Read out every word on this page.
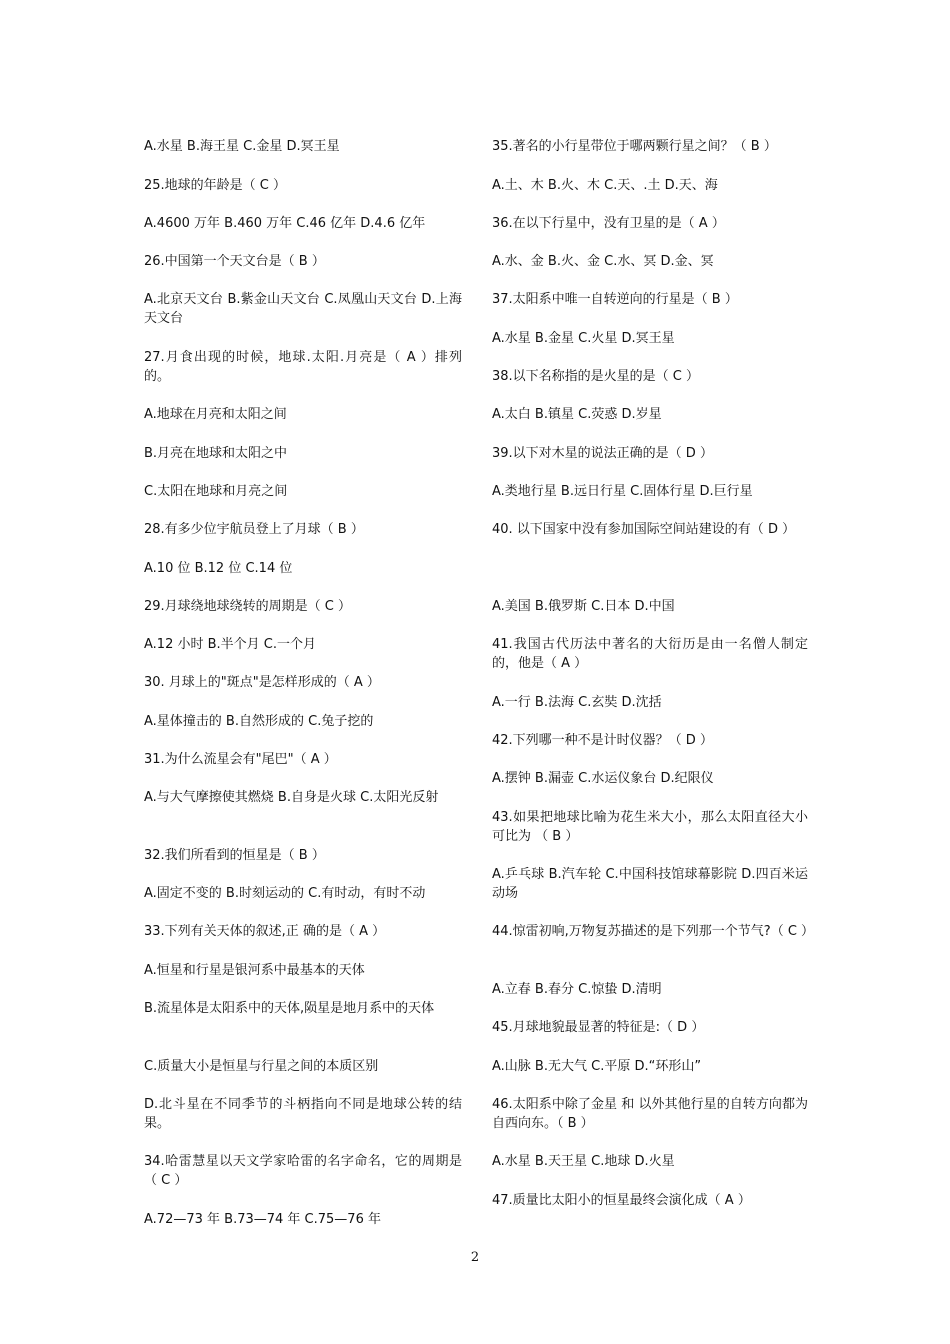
A.水星 B.海王星 C.金星 D.冥王星

25.地球的年龄是（ C ）

A.4600 万年 B.460 万年 C.46 亿年 D.4.6 亿年

26.中国第一个天文台是（ B ）

A.北京天文台 B.紫金山天文台 C.凤凰山天文台 D.上海天文台

27.月食出现的时候，地球.太阳.月亮是（ A ）排列的。

A.地球在月亮和太阳之间

B.月亮在地球和太阳之中

C.太阳在地球和月亮之间

28.有多少位宇航员登上了月球（ B ）

A.10 位 B.12 位 C.14 位

29.月球绕地球绕转的周期是（ C ）

A.12 小时 B.半个月 C.一个月

30. 月球上的"斑点"是怎样形成的（ A ）

A.星体撞击的 B.自然形成的 C.兔子挖的

31.为什么流星会有"尾巴"（ A ）

A.与大气摩擦使其燃烧 B.自身是火球 C.太阳光反射

32.我们所看到的恒星是（ B ）

A.固定不变的 B.时刻运动的 C.有时动，有时不动

33.下列有关天体的叙述,正 确的是（ A ）

A.恒星和行星是银河系中最基本的天体

B.流星体是太阳系中的天体,陨星是地月系中的天体

C.质量大小是恒星与行星之间的本质区别

D.北斗星在不同季节的斗柄指向不同是地球公转的结果。

34.哈雷慧星以天文学家哈雷的名字命名，它的周期是（ C ）

A.72—73 年 B.73—74 年 C.75—76 年

35.著名的小行星带位于哪两颗行星之间？（ B ）

A.土、木 B.火、木 C.天、.土 D.天、海

36.在以下行星中，没有卫星的是（ A ）

A.水、金 B.火、金 C.水、冥 D.金、冥

37.太阳系中唯一自转逆向的行星是（ B ）

A.水星 B.金星 C.火星 D.冥王星

38.以下名称指的是火星的是（ C ）

A.太白 B.镇星 C.荧惑 D.岁星

39.以下对木星的说法正确的是（ D ）

A.类地行星 B.远日行星 C.固体行星 D.巨行星

40. 以下国家中没有参加国际空间站建设的有（ D ）

A.美国 B.俄罗斯 C.日本 D.中国

41.我国古代历法中著名的大衍历是由一名僧人制定的，他是（ A ）

A.一行 B.法海 C.玄奘 D.沈括

42.下列哪一种不是计时仪器？（ D ）

A.摆钟 B.漏壶 C.水运仪象台 D.纪限仪

43.如果把地球比喻为花生米大小，那么太阳直径大小可比为 （ B ）

A.乒乓球 B.汽车轮 C.中国科技馆球幕影院 D.四百米运动场

44.惊雷初响,万物复苏描述的是下列那一个节气?（ C ）

A.立春 B.春分 C.惊蛰 D.清明

45.月球地貌最显著的特征是:（ D ）

A.山脉 B.无大气 C.平原 D.“环形山”

46.太阳系中除了金星 和 以外其他行星的自转方向都为自西向东。（ B ）

A.水星 B.天王星 C.地球 D.火星

47.质量比太阳小的恒星最终会演化成（ A ）

2
